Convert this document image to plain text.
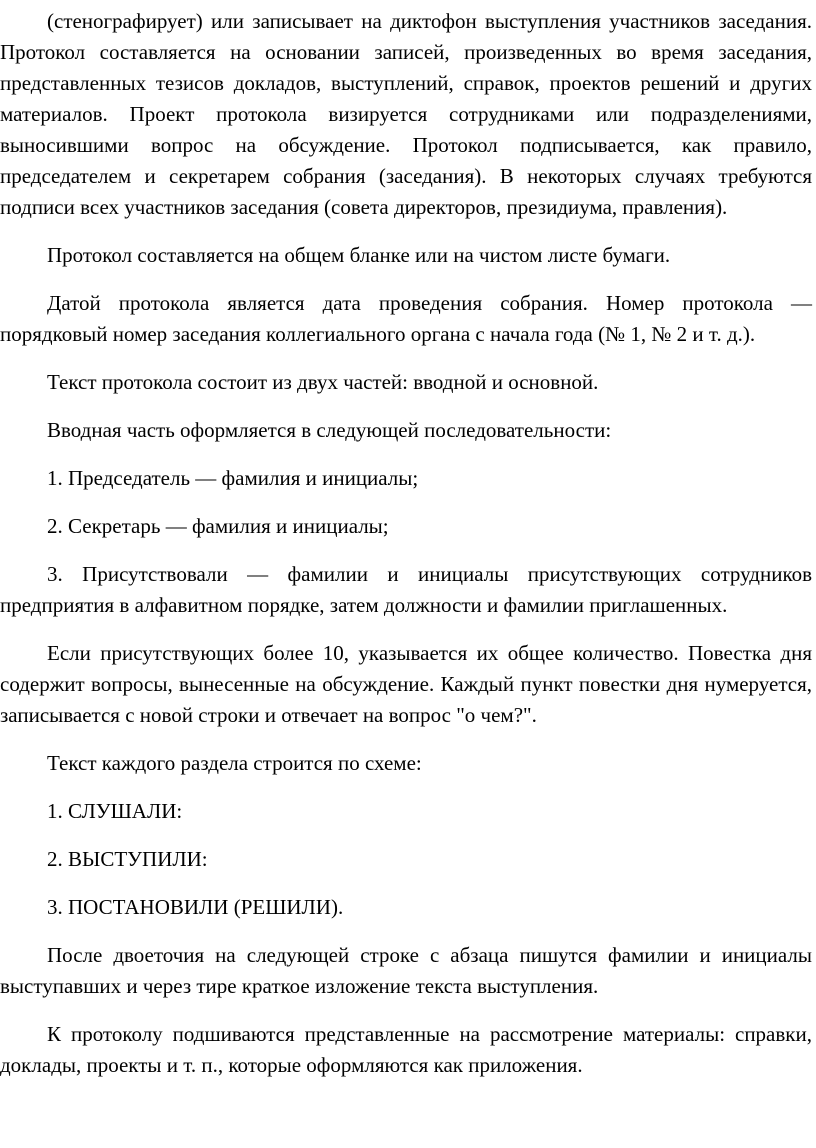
(стенографирует) или записывает на диктофон выступления участников заседания. Протокол составляется на основании записей, произведенных во время заседания, представленных тезисов докладов, выступлений, справок, проектов решений и других материалов. Проект протокола визируется сотрудниками или подразделениями, выносившими вопрос на обсуждение. Протокол подписывается, как правило, председателем и секретарем собрания (заседания). В некоторых случаях требуются подписи всех участников заседания (совета директоров, президиума, правления).

Протокол составляется на общем бланке или на чистом листе бумаги.

Датой протокола является дата проведения собрания. Номер протокола — порядковый номер заседания коллегиального органа с начала года (№ 1, № 2 и т. д.).

Текст протокола состоит из двух частей: вводной и основной.

Вводная часть оформляется в следующей последовательности:

1. Председатель — фамилия и инициалы;

2. Секретарь — фамилия и инициалы;

3. Присутствовали — фамилии и инициалы присутствующих сотрудников предприятия в алфавитном порядке, затем должности и фамилии приглашенных.

Если присутствующих более 10, указывается их общее количество. Повестка дня содержит вопросы, вынесенные на обсуждение. Каждый пункт повестки дня нумеруется, записывается с новой строки и отвечает на вопрос "о чем?".

Текст каждого раздела строится по схеме:

1. СЛУШАЛИ:

2. ВЫСТУПИЛИ:

3. ПОСТАНОВИЛИ (РЕШИЛИ).

После двоеточия на следующей строке с абзаца пишутся фамилии и инициалы выступавших и через тире краткое изложение текста выступления.

К протоколу подшиваются представленные на рассмотрение материалы: справки, доклады, проекты и т. п., которые оформляются как приложения.
